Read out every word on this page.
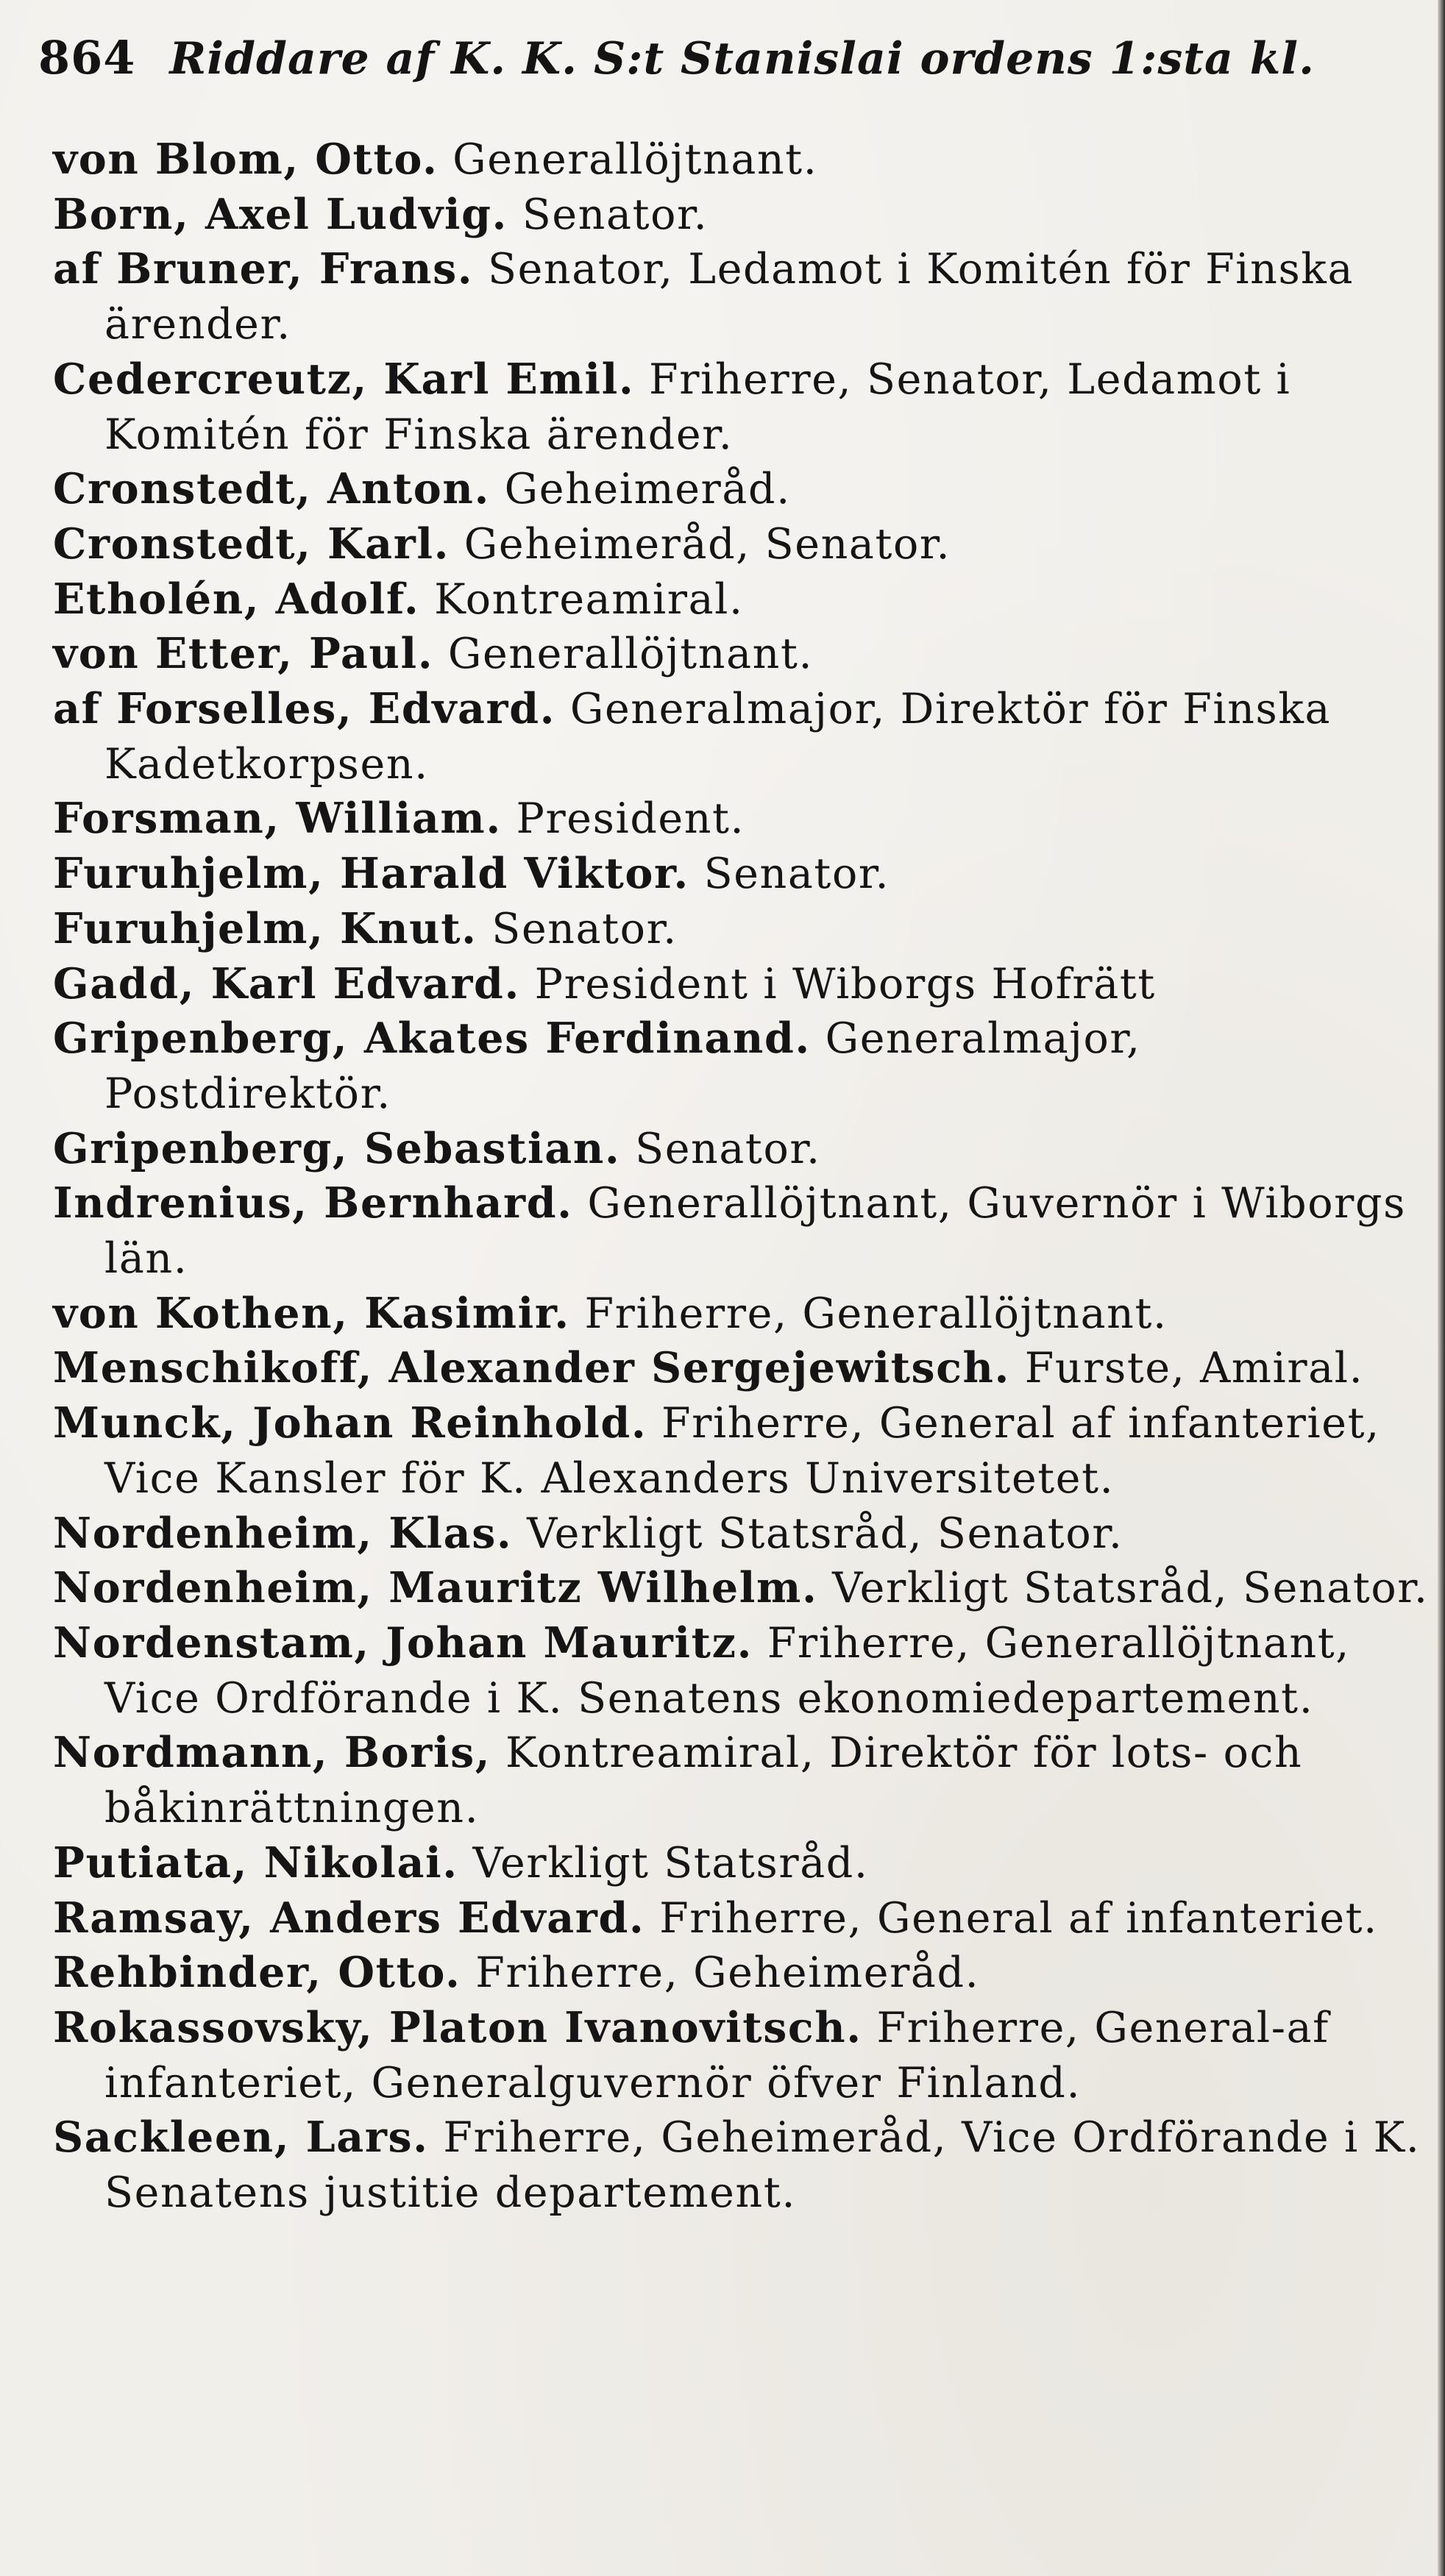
864 Riddare af K. K. S:t Stanislai ordens 1:sta kl.
von Blom, Otto. Generallöjtnant.
Born, Axel Ludvig. Senator.
af Bruner, Frans. Senator, Ledamot i Komitén för Finska ärender.
Cedercreutz, Karl Emil. Friherre, Senator, Ledamot i Komitén för Finska ärender.
Cronstedt, Anton. Geheimeråd.
Cronstedt, Karl. Geheimeråd, Senator.
Etholén, Adolf. Kontreamiral.
von Etter, Paul. Generallöjtnant.
af Forselles, Edvard. Generalmajor, Direktör för Finska Kadetkorpsen.
Forsman, William. President.
Furuhjelm, Harald Viktor. Senator.
Furuhjelm, Knut. Senator.
Gadd, Karl Edvard. President i Wiborgs Hofrätt
Gripenberg, Akates Ferdinand. Generalmajor, Postdirektör.
Gripenberg, Sebastian. Senator.
Indrenius, Bernhard. Generallöjtnant, Guvernör i Wiborgs län.
von Kothen, Kasimir. Friherre, Generallöjtnant.
Menschikoff, Alexander Sergejewitsch. Furste, Amiral.
Munck, Johan Reinhold. Friherre, General af infanteriet, Vice Kansler för K. Alexanders Universitetet.
Nordenheim, Klas. Verkligt Statsråd, Senator.
Nordenheim, Mauritz Wilhelm. Verkligt Statsråd, Senator.
Nordenstam, Johan Mauritz. Friherre, Generallöjtnant, Vice Ordförande i K. Senatens ekonomiedepartement.
Nordmann, Boris, Kontreamiral, Direktör för lots- och båkinrättningen.
Putiata, Nikolai. Verkligt Statsråd.
Ramsay, Anders Edvard. Friherre, General af infanteriet.
Rehbinder, Otto. Friherre, Geheimeråd.
Rokassovsky, Platon Ivanovitsch. Friherre, General-af infanteriet, Generalguvernör öfver Finland.
Sackleen, Lars. Friherre, Geheimeråd, Vice Ordförande i K. Senatens justitie departement.
